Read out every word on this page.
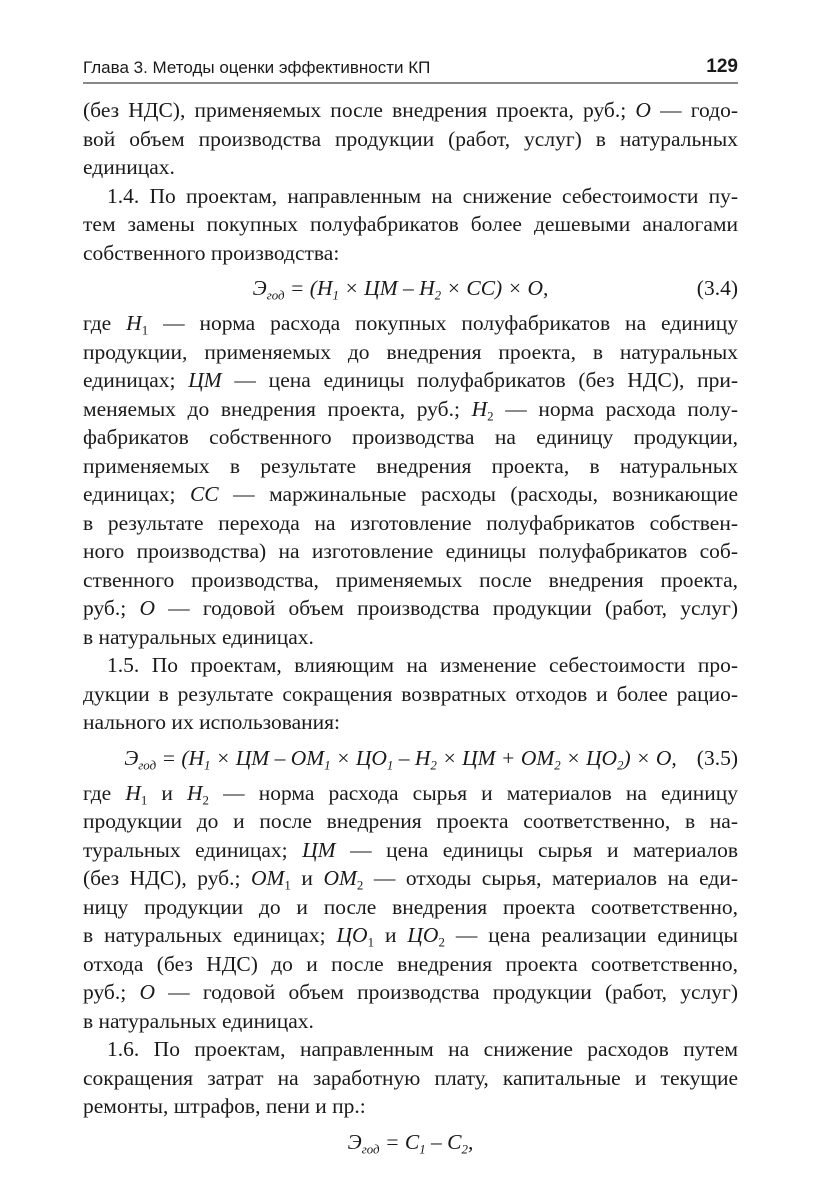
Глава 3. Методы оценки эффективности КП	129
(без НДС), применяемых после внедрения проекта, руб.; О — годо-
вой объем производства продукции (работ, услуг) в натуральных
единицах.
1.4. По проектам, направленным на снижение себестоимости пу-
тем замены покупных полуфабрикатов более дешевыми аналогами
собственного производства:
$Э_{год} = (Н_1$ × ЦМ – $Н_2 \times СС) \times О$,	(3.4)
где $Н_1$ — норма расхода покупных полуфабрикатов на единицу
продукции, применяемых до внедрения проекта, в натуральных
единицах; ЦМ — цена единицы полуфабрикатов (без НДС), при-
меняемых до внедрения проекта, руб.; $Н_2$ — норма расхода полу-
фабрикатов собственного производства на единицу продукции,
применяемых в результате внедрения проекта, в натуральных
единицах; СС — маржинальные расходы (расходы, возникающие
в результате перехода на изготовление полуфабрикатов собствен-
ного производства) на изготовление единицы полуфабрикатов соб-
ственного производства, применяемых после внедрения проекта,
руб.; О — годовой объем производства продукции (работ, услуг)
в натуральных единицах.
1.5. По проектам, влияющим на изменение себестоимости про-
дукции в результате сокращения возвратных отходов и более рацио-
нального их использования:
$Э_{год} = (Н_1$ × ЦМ – $ОМ_1 \times ЦО_1 - Н_2$ × ЦМ + $ОМ_2 \times ЦО_2) \times О$, (3.5)
где $Н_1$ и $Н_2$ — норма расхода сырья и материалов на единицу
продукции до и после внедрения проекта соответственно, в на-
туральных единицах; ЦМ — цена единицы сырья и материалов
(без НДС), руб.; $ОМ_1$ и $ОМ_2$ — отходы сырья, материалов на еди-
ницу продукции до и после внедрения проекта соответственно,
в натуральных единицах; $ЦО_1$ и $ЦО_2$ — цена реализации единицы
отхода (без НДС) до и после внедрения проекта соответственно,
руб.; О — годовой объем производства продукции (работ, услуг)
в натуральных единицах.
1.6. По проектам, направленным на снижение расходов путем
сокращения затрат на заработную плату, капитальные и текущие
ремонты, штрафов, пени и пр.:
$Э_{год} = С_1 - С_2$,
